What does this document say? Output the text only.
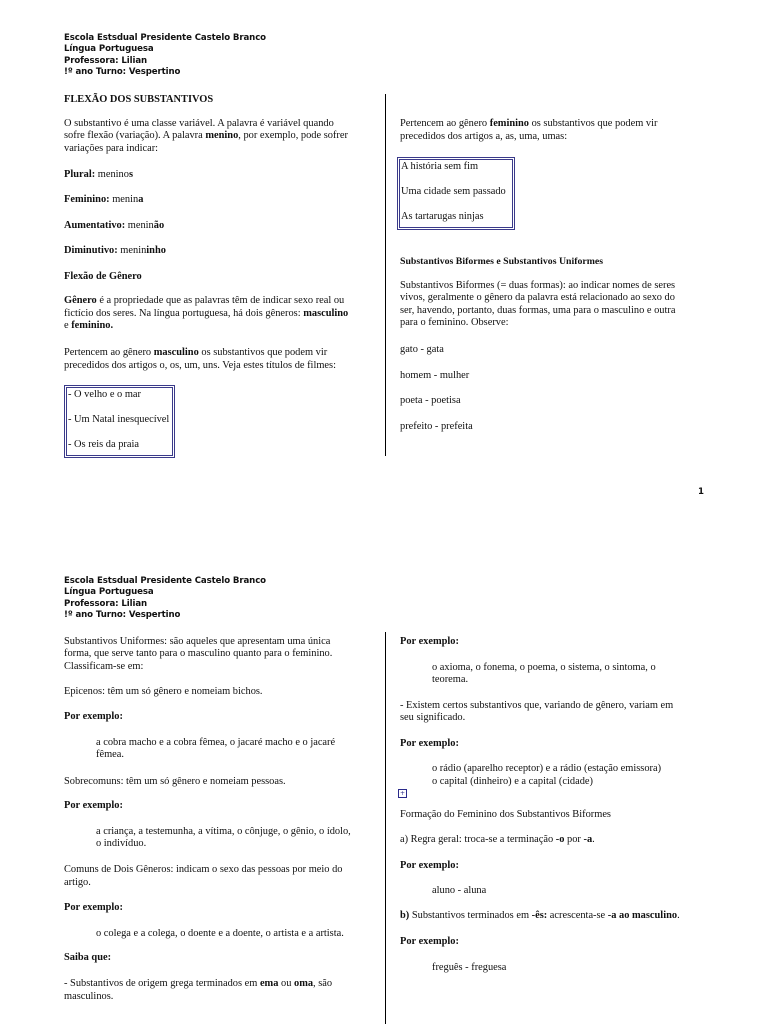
Escola Estsdual Presidente Castelo Branco
Língua Portuguesa
Professora: Lilian
!º ano Turno: Vespertino

FLEXÃO DOS SUBSTANTIVOS

O substantivo é uma classe variável. A palavra é variável quando

sofre flexão (variação). A palavra menino, por exemplo, pode sofrer

variações para indicar:

Plural: meninos

Feminino: menina

Aumentativo: meninão

Diminutivo: menininho

Flexão de Gênero

Gênero é a propriedade que as palavras têm de indicar sexo real ou

fictício dos seres. Na língua portuguesa, há dois gêneros: masculino

e feminino.

Pertencem ao gênero masculino os substantivos que podem vir

precedidos dos artigos o, os, um, uns. Veja estes títulos de filmes:

- O velho e o mar
- Um Natal inesquecível
- Os reis da praia

Pertencem ao gênero feminino os substantivos que podem vir

precedidos dos artigos a, as, uma, umas:

A história sem fim
Uma cidade sem passado
As tartarugas ninjas

Substantivos Biformes e Substantivos Uniformes

Substantivos Biformes (= duas formas): ao indicar nomes de seres

vivos, geralmente o gênero da palavra está relacionado ao sexo do

ser, havendo, portanto, duas formas, uma para o masculino e outra

para o feminino. Observe:

gato - gata

homem - mulher

poeta - poetisa

prefeito - prefeita

1
Escola Estsdual Presidente Castelo Branco
Língua Portuguesa
Professora: Lilian
!º ano Turno: Vespertino

Substantivos Uniformes: são aqueles que apresentam uma única

forma, que serve tanto para o masculino quanto para o feminino.

Classificam-se em:

Epicenos: têm um só gênero e nomeiam bichos.

Por exemplo:

a cobra macho e a cobra fêmea, o jacaré macho e o jacaré

fêmea.

Sobrecomuns: têm um só gênero e nomeiam pessoas.

Por exemplo:

a criança, a testemunha, a vítima, o cônjuge, o gênio, o ídolo,

o indivíduo.

Comuns de Dois Gêneros: indicam o sexo das pessoas por meio do

artigo.

Por exemplo:

o colega e a colega, o doente e a doente, o artista e a artista.

Saiba que:

- Substantivos de origem grega terminados em ema ou oma, são

masculinos.

Por exemplo:

o axioma, o fonema, o poema, o sistema, o sintoma, o

teorema.

- Existem certos substantivos que, variando de gênero, variam em

seu significado.

Por exemplo:

o rádio (aparelho receptor) e a rádio (estação emissora)

o capital (dinheiro) e a capital (cidade)

Formação do Feminino dos Substantivos Biformes

a) Regra geral: troca-se a terminação -o por -a.

Por exemplo:

aluno - aluna

b) Substantivos terminados em -ês: acrescenta-se -a ao masculino.

Por exemplo:

freguês - freguesa

+
